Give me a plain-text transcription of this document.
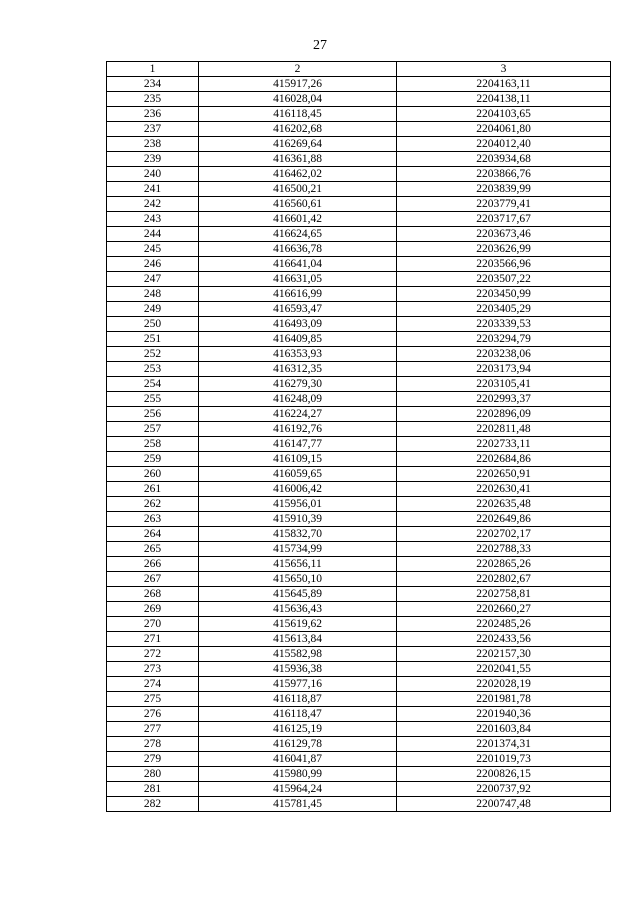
27
1	2	3
234	415917,26	2204163,11
235	416028,04	2204138,11
236	416118,45	2204103,65
237	416202,68	2204061,80
238	416269,64	2204012,40
239	416361,88	2203934,68
240	416462,02	2203866,76
241	416500,21	2203839,99
242	416560,61	2203779,41
243	416601,42	2203717,67
244	416624,65	2203673,46
245	416636,78	2203626,99
246	416641,04	2203566,96
247	416631,05	2203507,22
248	416616,99	2203450,99
249	416593,47	2203405,29
250	416493,09	2203339,53
251	416409,85	2203294,79
252	416353,93	2203238,06
253	416312,35	2203173,94
254	416279,30	2203105,41
255	416248,09	2202993,37
256	416224,27	2202896,09
257	416192,76	2202811,48
258	416147,77	2202733,11
259	416109,15	2202684,86
260	416059,65	2202650,91
261	416006,42	2202630,41
262	415956,01	2202635,48
263	415910,39	2202649,86
264	415832,70	2202702,17
265	415734,99	2202788,33
266	415656,11	2202865,26
267	415650,10	2202802,67
268	415645,89	2202758,81
269	415636,43	2202660,27
270	415619,62	2202485,26
271	415613,84	2202433,56
272	415582,98	2202157,30
273	415936,38	2202041,55
274	415977,16	2202028,19
275	416118,87	2201981,78
276	416118,47	2201940,36
277	416125,19	2201603,84
278	416129,78	2201374,31
279	416041,87	2201019,73
280	415980,99	2200826,15
281	415964,24	2200737,92
282	415781,45	2200747,48
